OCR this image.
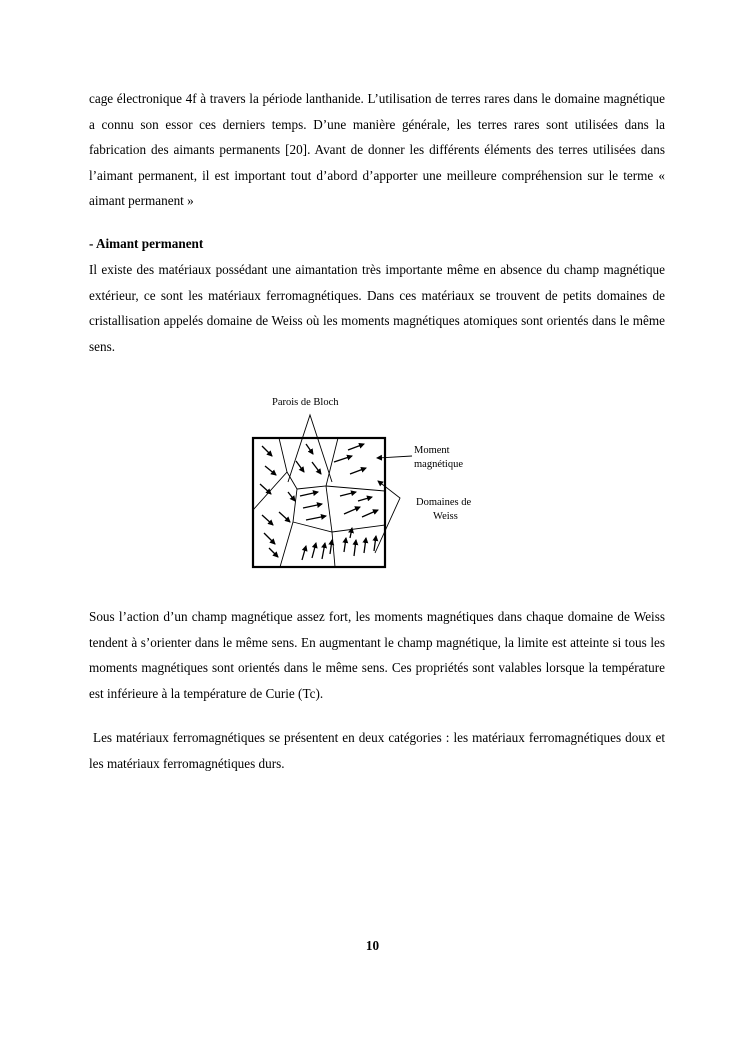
cage électronique 4f à travers la période lanthanide. L’utilisation de terres rares dans le domaine magnétique a connu son essor ces derniers temps. D’une manière générale, les terres rares sont utilisées dans la fabrication des aimants permanents [20]. Avant de donner les différents éléments des terres utilisées dans l’aimant permanent, il est important tout d’abord d’apporter une meilleure compréhension sur le terme « aimant permanent »

- Aimant permanent

Il existe des matériaux possédant une aimantation très importante même en absence du champ magnétique extérieur, ce sont les matériaux ferromagnétiques. Dans ces matériaux se trouvent de petits domaines de cristallisation appelés domaine de Weiss où les moments magnétiques atomiques sont orientés dans le même sens.

Parois de Bloch
Moment
magnétique
Domaines de
Weiss

Sous l’action d’un champ magnétique assez fort, les moments magnétiques dans chaque domaine de Weiss tendent à s’orienter dans le même sens. En augmentant le champ magnétique, la limite est atteinte si tous les moments magnétiques sont orientés dans le même sens. Ces propriétés sont valables lorsque la température est inférieure à la température de Curie (Tc).

Les matériaux ferromagnétiques se présentent en deux catégories : les matériaux ferromagnétiques doux et les matériaux ferromagnétiques durs.

10
